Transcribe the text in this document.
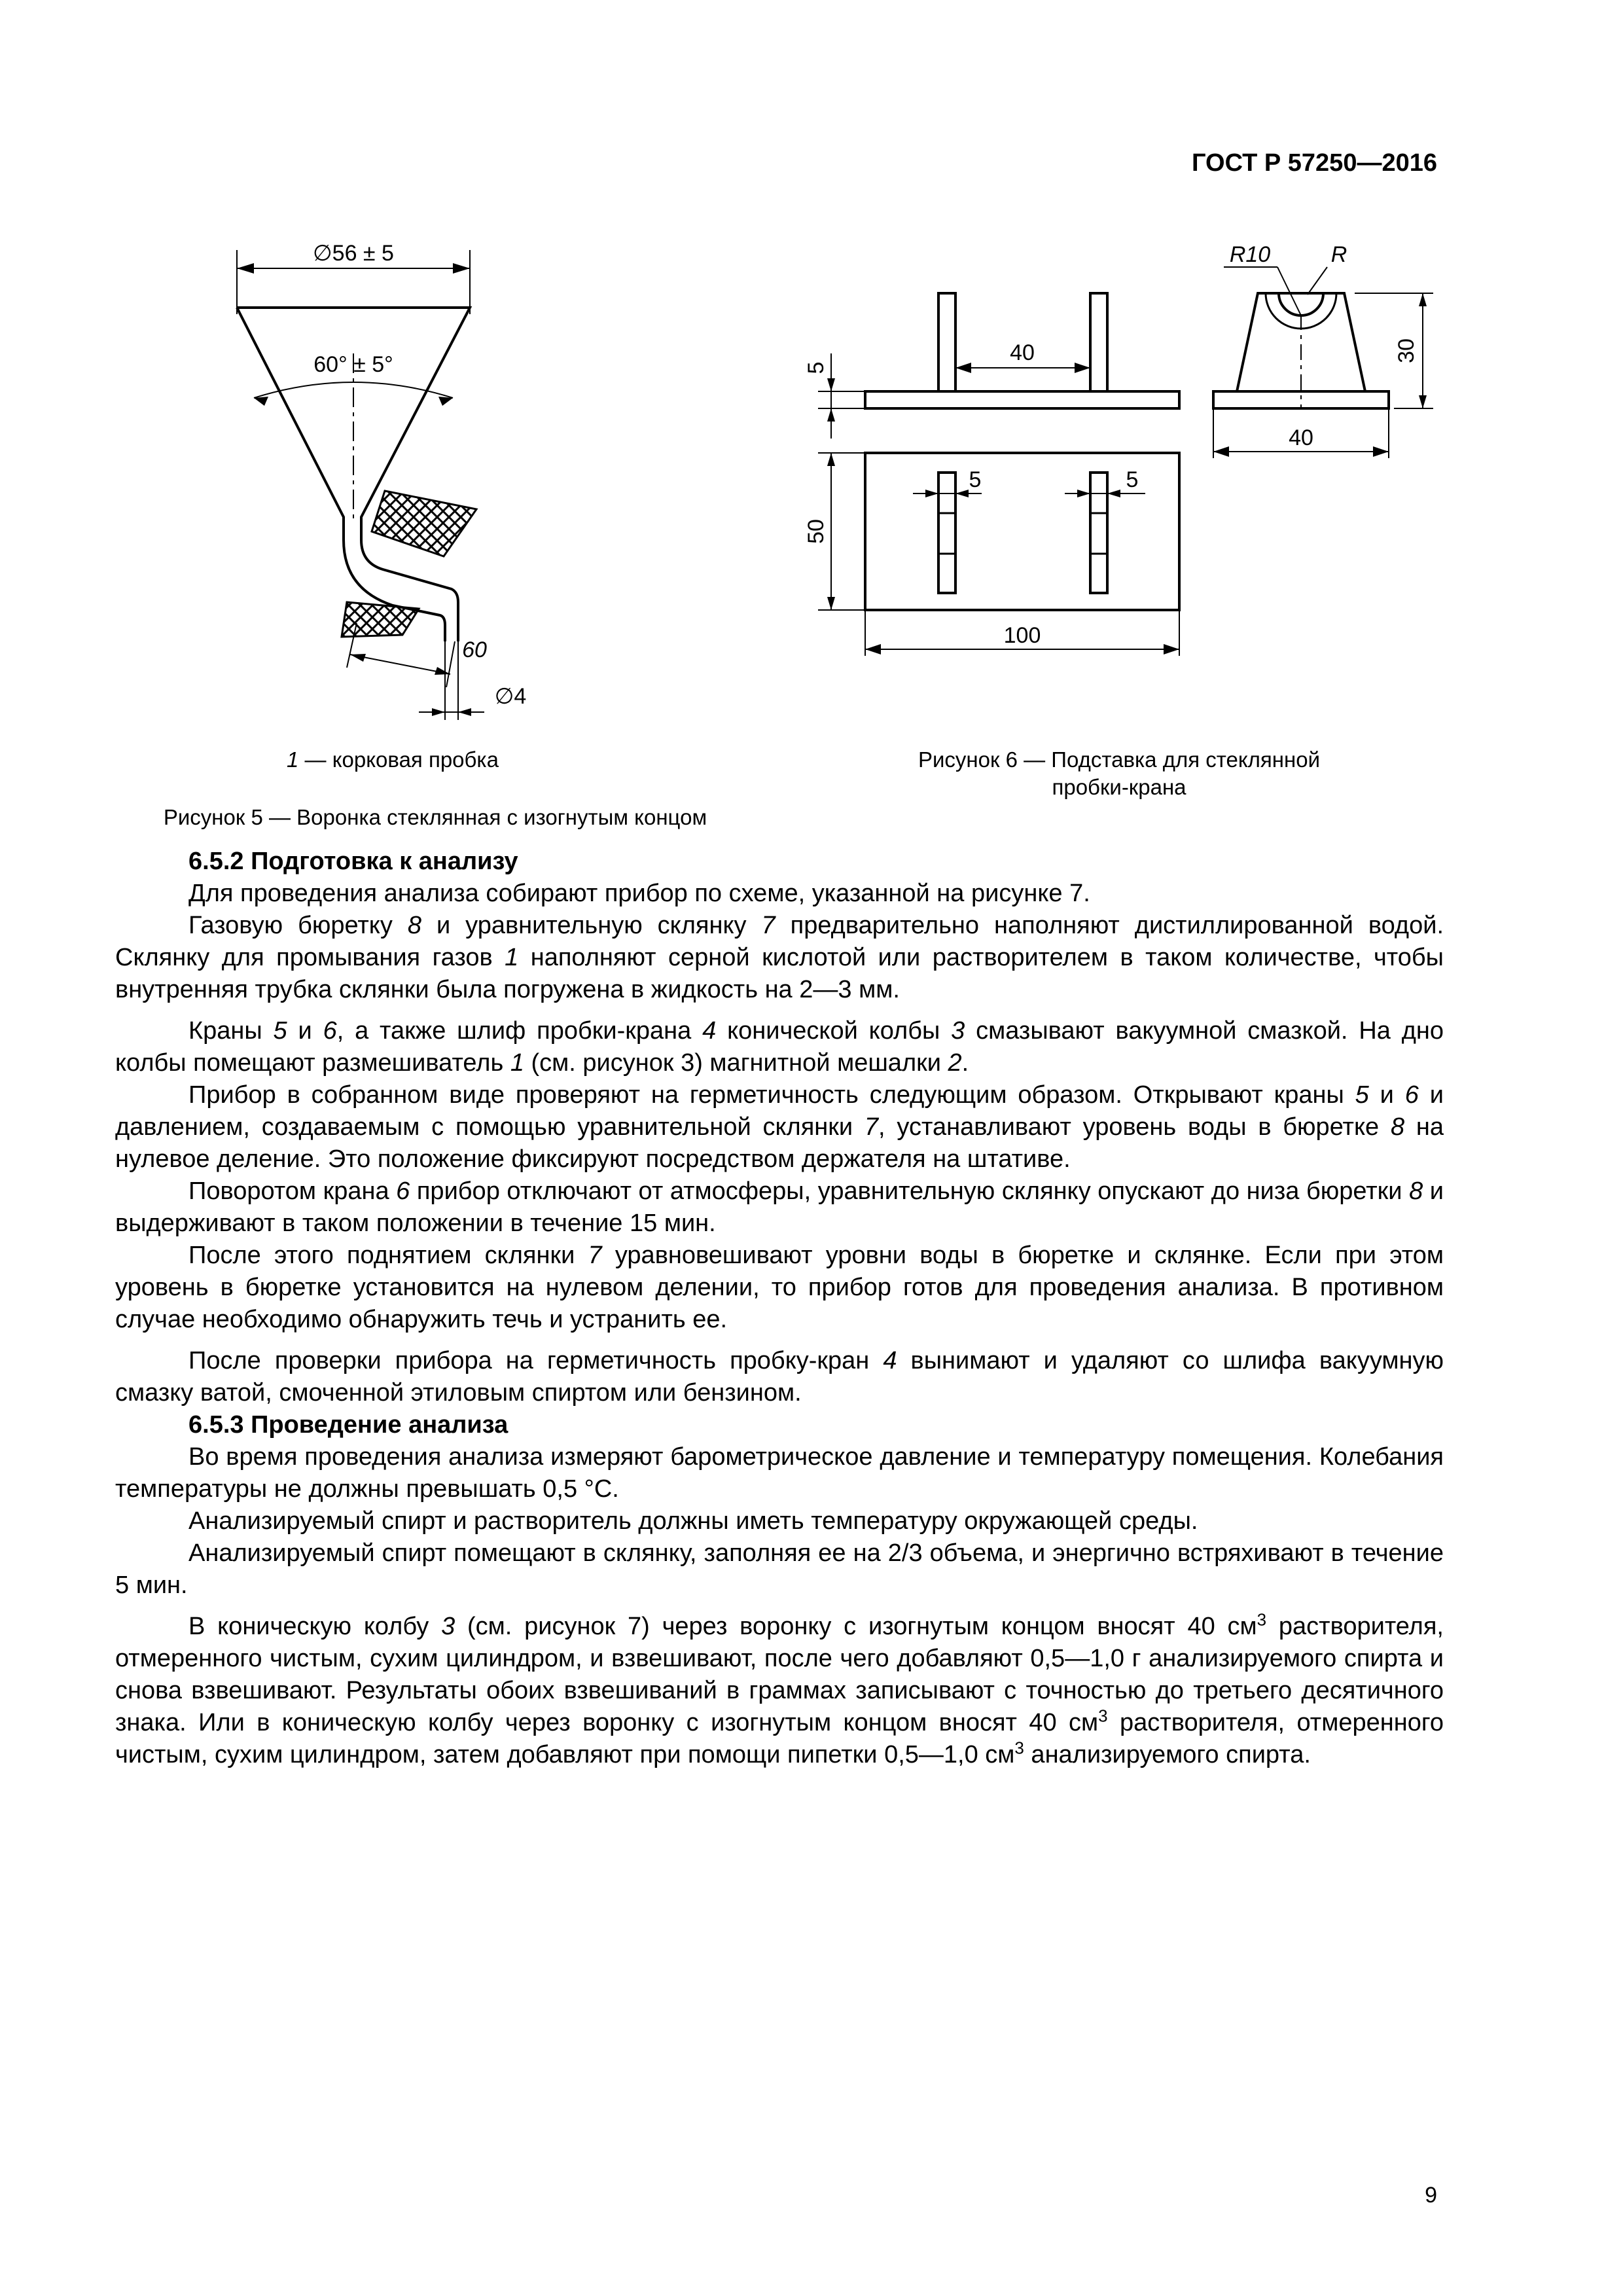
ГОСТ Р 57250—2016
∅56 ± 5
60° ± 5°
60
∅4
1 — корковая пробка
Рисунок 5 — Воронка стеклянная с изогнутым концом
40
5
R10	R
30
40
5	5
50
100
Рисунок 6 — Подставка для стеклянной
пробки-крана
6.5.2 Подготовка к анализу

Для проведения анализа собирают прибор по схеме, указанной на рисунке 7.

Газовую бюретку 8 и уравнительную склянку 7 предварительно наполняют дистиллированной водой. Склянку для промывания газов 1 наполняют серной кислотой или растворителем в таком количестве, чтобы внутренняя трубка склянки была погружена в жидкость на 2—3 мм.

Краны 5 и 6, а также шлиф пробки-крана 4 конической колбы 3 смазывают вакуумной смазкой. На дно колбы помещают размешиватель 1 (см. рисунок 3) магнитной мешалки 2.

Прибор в собранном виде проверяют на герметичность следующим образом. Открывают краны 5 и 6 и давлением, создаваемым с помощью уравнительной склянки 7, устанавливают уровень воды в бюретке 8 на нулевое деление. Это положение фиксируют посредством держателя на штативе.

Поворотом крана 6 прибор отключают от атмосферы, уравнительную склянку опускают до низа бюретки 8 и выдерживают в таком положении в течение 15 мин.

После этого поднятием склянки 7 уравновешивают уровни воды в бюретке и склянке. Если при этом уровень в бюретке установится на нулевом делении, то прибор готов для проведения анализа. В противном случае необходимо обнаружить течь и устранить ее.

После проверки прибора на герметичность пробку-кран 4 вынимают и удаляют со шлифа вакуумную смазку ватой, смоченной этиловым спиртом или бензином.

6.5.3 Проведение анализа

Во время проведения анализа измеряют барометрическое давление и температуру помещения. Колебания температуры не должны превышать 0,5 °С.

Анализируемый спирт и растворитель должны иметь температуру окружающей среды.

Анализируемый спирт помещают в склянку, заполняя ее на 2/3 объема, и энергично встряхивают в течение 5 мин.

В коническую колбу 3 (см. рисунок 7) через воронку с изогнутым концом вносят 40 $см^3$ растворителя, отмеренного чистым, сухим цилиндром, и взвешивают, после чего добавляют 0,5—1,0 г анализируемого спирта и снова взвешивают. Результаты обоих взвешиваний в граммах записывают с точностью до третьего десятичного знака. Или в коническую колбу через воронку с изогнутым концом вносят 40 $см^3$ растворителя, отмеренного чистым, сухим цилиндром, затем добавляют при помощи пипетки 0,5—1,0 $см^3$ анализируемого спирта.

9
